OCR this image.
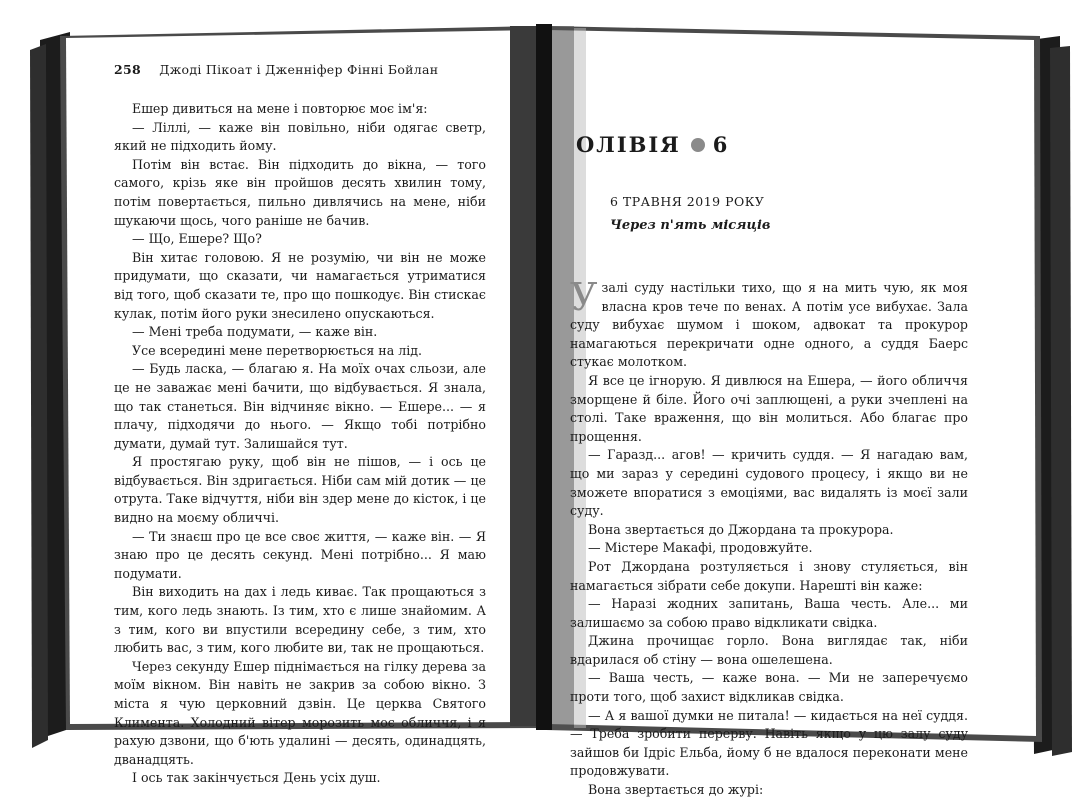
258 Джоді Пікоат і Дженніфер Фінні Бойлан

Ешер дивиться на мене і повторює моє ім'я:

— Ліллі, — каже він повільно, ніби одягає светр, який не підходить йому.

Потім він встає. Він підходить до вікна, — того самого, крізь яке він пройшов десять хвилин тому, потім повертається, пильно дивлячись на мене, ніби шукаючи щось, чого раніше не бачив.

— Що, Ешере? Що?

Він хитає головою. Я не розумію, чи він не може придумати, що сказати, чи намагається утриматися від того, щоб сказати те, про що пошкодує. Він стискає кулак, потім його руки знесилено опускаються.

— Мені треба подумати, — каже він.

Усе всередині мене перетворюється на лід.

— Будь ласка, — благаю я. На моїх очах сльози, але це не заважає мені бачити, що відбувається. Я знала, що так станеться. Він відчиняє вікно. — Ешере... — я плачу, підходячи до нього. — Якщо тобі потрібно думати, думай тут. Залишайся тут.

Я простягаю руку, щоб він не пішов, — і ось це відбувається. Він здригається. Ніби сам мій дотик — це отрута. Таке відчуття, ніби він здер мене до кісток, і це видно на моєму обличчі.

— Ти знаєш про це все своє життя, — каже він. — Я знаю про це десять секунд. Мені потрібно... Я маю подумати.

Він виходить на дах і ледь киває. Так прощаються з тим, кого ледь знають. Із тим, хто є лише знайомим. А з тим, кого ви впустили всередину себе, з тим, хто любить вас, з тим, кого любите ви, так не прощаються.

Через секунду Ешер піднімається на гілку дерева за моїм вікном. Він навіть не закрив за собою вікно. З міста я чую церковний дзвін. Це церква Святого Климента. Холодний вітер морозить моє обличчя, і я рахую дзвони, що б'ють удалині — десять, одинадцять, дванадцять.

І ось так закінчується День усіх душ.

ОЛІВІЯ 6
6 ТРАВНЯ 2019 РОКУ
Через п'ять місяців

У залі суду настільки тихо, що я на мить чую, як моя власна кров тече по венах. А потім усе вибухає. Зала суду вибухає шумом і шоком, адвокат та прокурор намагаються перекричати одне одного, а суддя Баерс стукає молотком.

Я все це ігнорую. Я дивлюся на Ешера, — його обличчя зморщене й біле. Його очі заплющені, а руки зчеплені на столі. Таке враження, що він молиться. Або благає про прощення.

— Гаразд... агов! — кричить суддя. — Я нагадаю вам, що ми зараз у середині судового процесу, і якщо ви не зможете впоратися з емоціями, вас видалять із моєї зали суду.

Вона звертається до Джордана та прокурора.

— Містере Макафі, продовжуйте.

Рот Джордана розтуляється і знову стуляється, він намагається зібрати себе докупи. Нарешті він каже:

— Наразі жодних запитань, Ваша честь. Але... ми залишаємо за собою право відкликати свідка.

Джина прочищає горло. Вона виглядає так, ніби вдарилася об стіну — вона ошелешена.

— Ваша честь, — каже вона. — Ми не заперечуємо проти того, щоб захист відкликав свідка.

— А я вашої думки не питала! — кидається на неї суддя. — Треба зробити перерву. Навіть якщо у цю залу суду зайшов би Ідріс Ельба, йому б не вдалося переконати мене продовжувати.

Вона звертається до журі:
